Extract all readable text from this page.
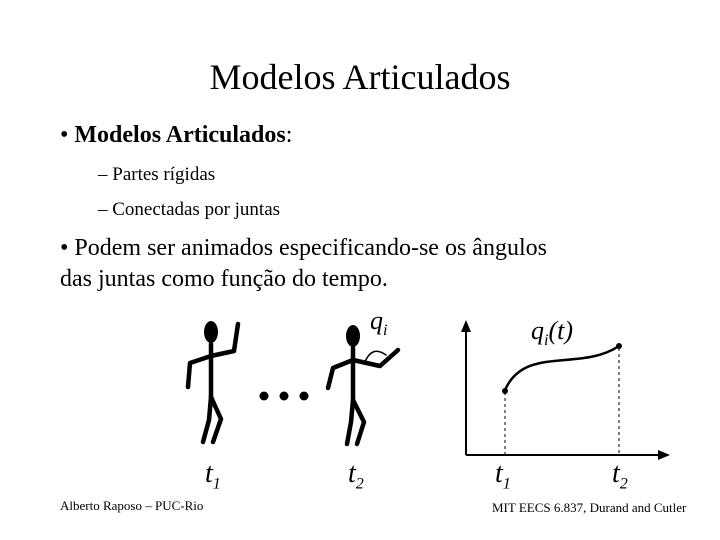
Modelos Articulados
• Modelos Articulados:
– Partes rígidas
– Conectadas por juntas
• Podem ser animados especificando-se os ângulos
das juntas como função do tempo.
$q_i$	$q_i(t)$
$t_1$	$t_2$	$t_1$	$t_2$
Alberto Raposo – PUC-Rio	MIT EECS 6.837, Durand and Cutler
